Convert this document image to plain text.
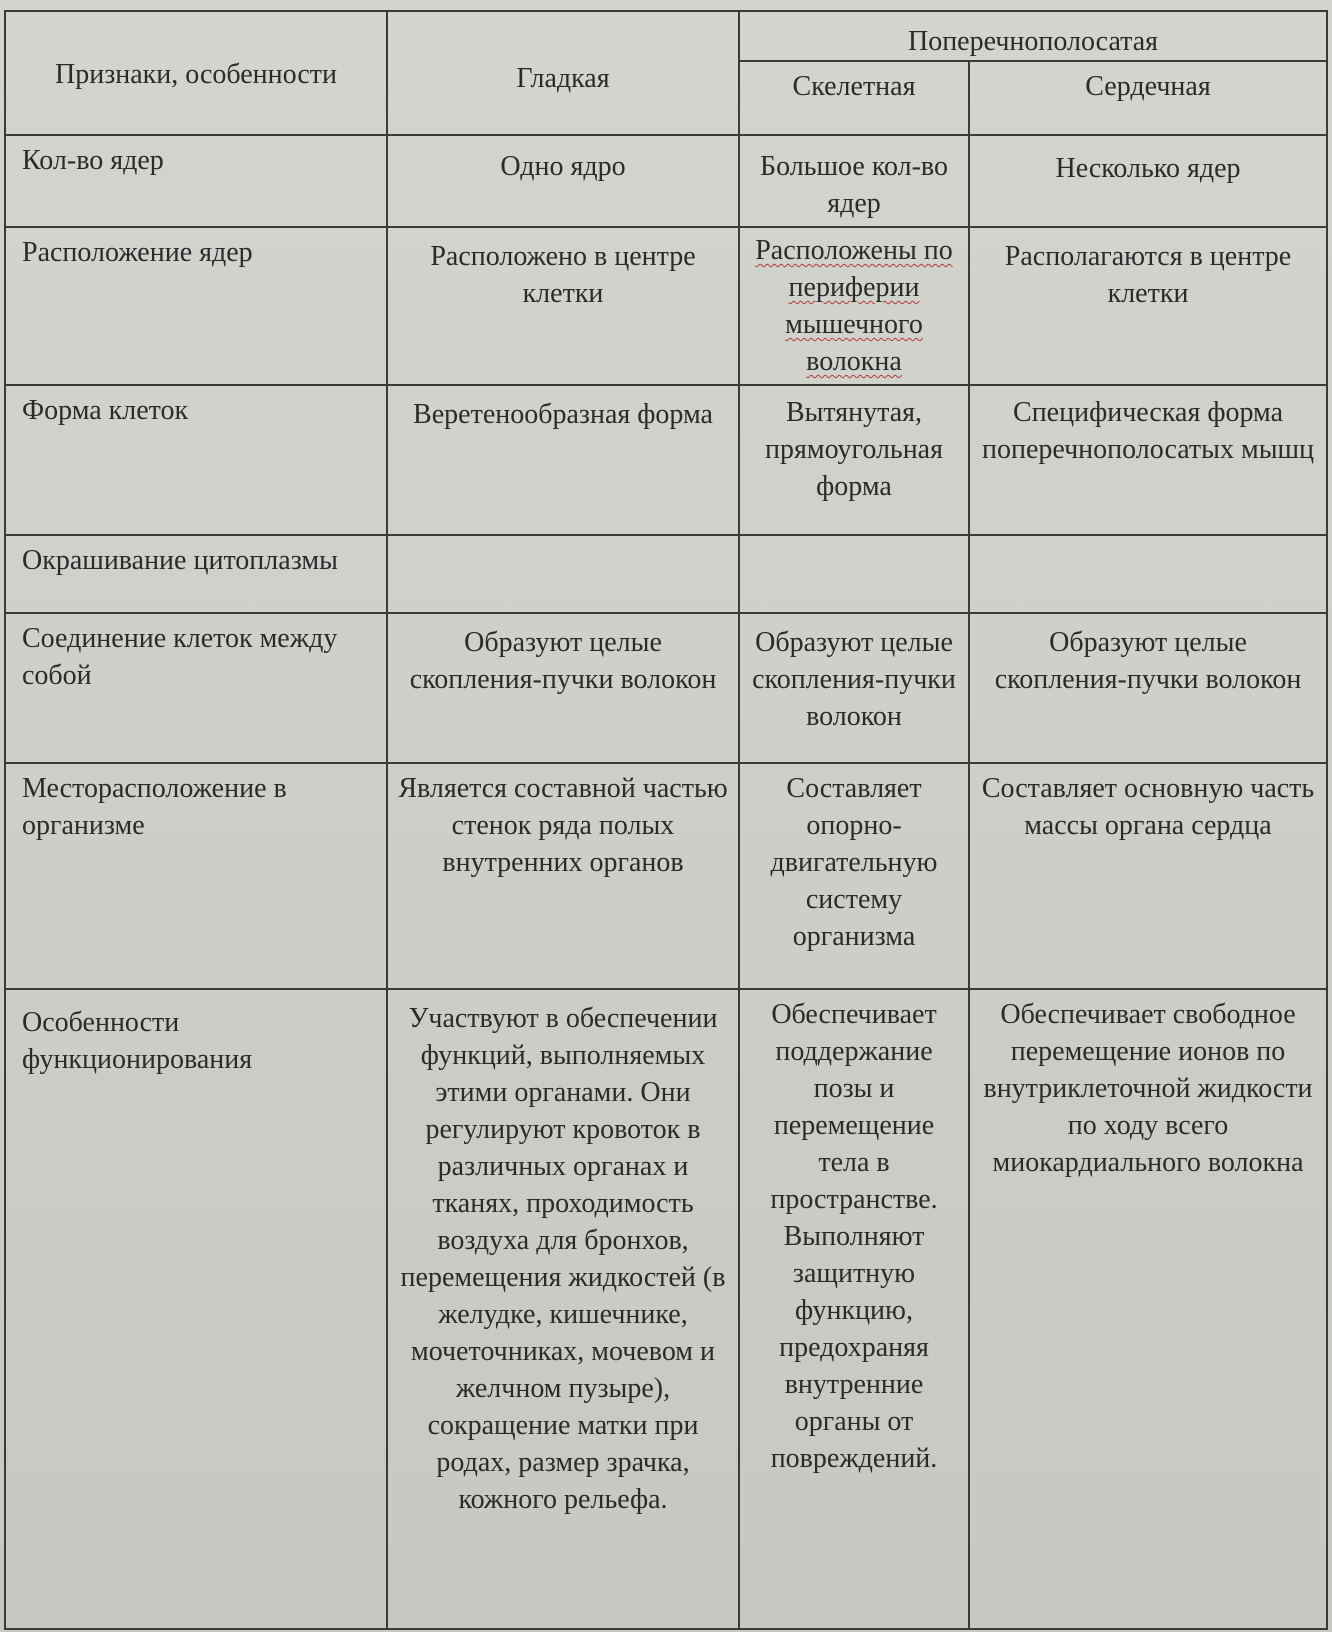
Признаки, особенности	Гладкая	Поперечнополосатая	
		Скелетная	Сердечная
Кол-во ядер	Одно ядро	Большое кол-во ядер	Несколько ядер
Расположение ядер	Расположено в центре клетки	Расположены по периферии мышечного волокна	Располагаются в центре клетки
Форма клеток	Веретенообразная форма	Вытянутая, прямоугольная форма	Специфическая форма поперечнополосатых мышц
Окрашивание цитоплазмы			
Соединение клеток между собой	Образуют целые скопления-пучки волокон	Образуют целые скопления-пучки волокон	Образуют целые скопления-пучки волокон
Месторасположение в организме	Является составной частью стенок ряда полых внутренних органов	Составляет опорно-двигательную систему организма	Составляет основную часть массы органа сердца
Особенности функционирования	Участвуют в обеспечении функций, выполняемых этими органами. Они регулируют кровоток в различных органах и тканях, проходимость воздуха для бронхов, перемещения жидкостей (в желудке, кишечнике, мочеточниках, мочевом и желчном пузыре), сокращение матки при родах, размер зрачка, кожного рельефа.	Обеспечивает поддержание позы и перемещение тела в пространстве. Выполняют защитную функцию, предохраняя внутренние органы от повреждений.	Обеспечивает свободное перемещение ионов по внутриклеточной жидкости по ходу всего миокардиального волокна
